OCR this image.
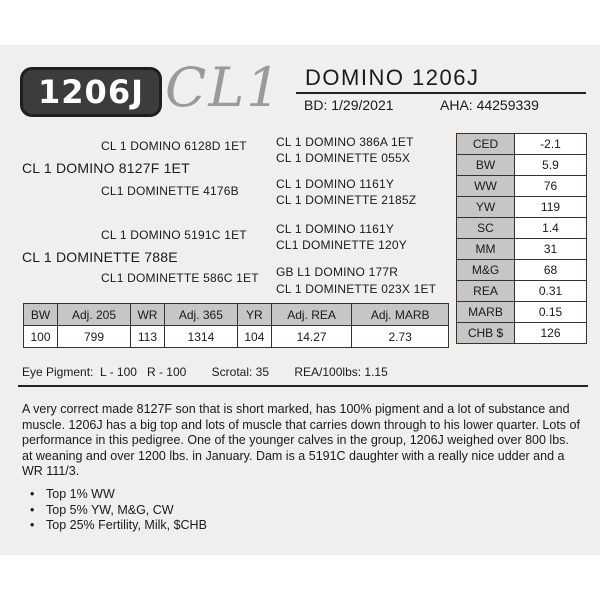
1206J CL1 DOMINO 1206J
BD: 1/29/2021	AHA: 44259339
CL 1 DOMINO 6128D 1ET
CL 1 DOMINO 8127F 1ET
CL1 DOMINETTE 4176B
CL 1 DOMINO 386A 1ET
CL 1 DOMINETTE 055X
CL 1 DOMINO 1161Y
CL 1 DOMINETTE 2185Z
CL 1 DOMINO 5191C 1ET
CL 1 DOMINETTE 788E
CL1 DOMINETTE 586C 1ET
CL 1 DOMINO 1161Y
CL1 DOMINETTE 120Y
GB L1 DOMINO 177R
CL 1 DOMINETTE 023X 1ET
CED	-2.1
BW	5.9
WW	76
YW	119
SC	1.4
MM	31
M&G	68
REA	0.31
MARB	0.15
CHB $	126
BW	Adj. 205	WR	Adj. 365	YR	Adj. REA	Adj. MARB
100	799	113	1314	104	14.27	2.73
Eye Pigment:  L - 100   R - 100 Scrotal: 35 REA/100lbs: 1.15

A very correct made 8127F son that is short marked, has 100% pigment and a lot of substance and muscle. 1206J has a big top and lots of muscle that carries down through to his lower quarter. Lots of performance in this pedigree. One of the younger calves in the group, 1206J weighed over 800 lbs. at weaning and over 1200 lbs. in January. Dam is a 5191C daughter with a really nice udder and a WR 111/3.

• Top 1% WW
• Top 5% YW, M&G, CW
• Top 25% Fertility, Milk, $CHB
